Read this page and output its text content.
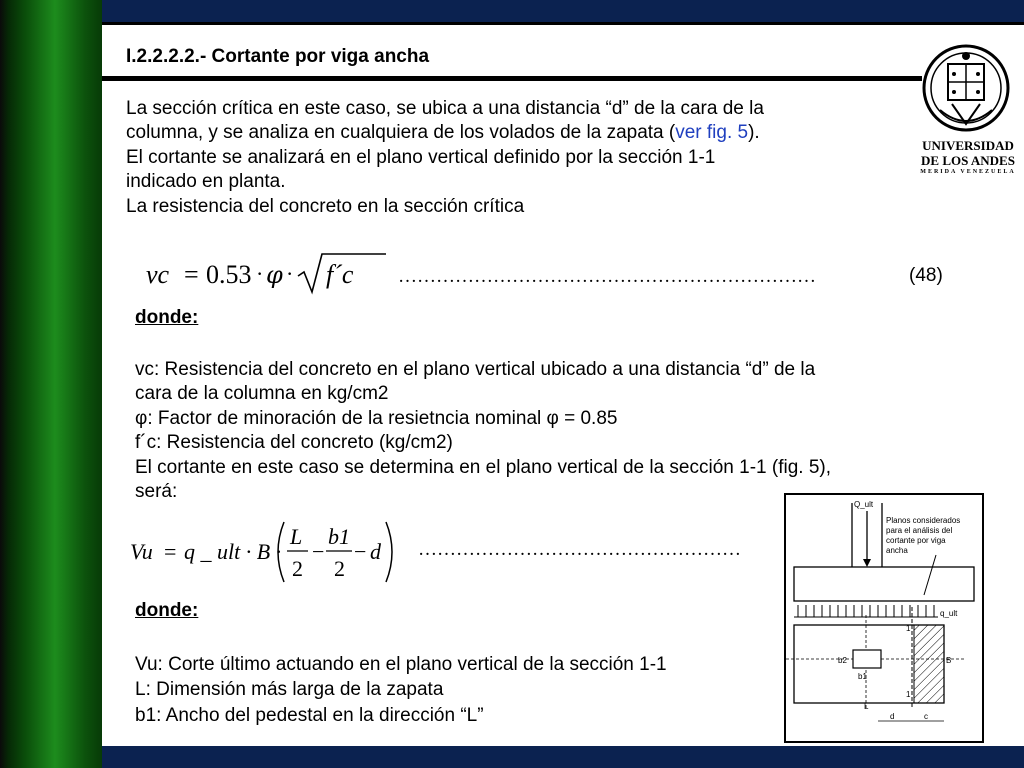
I.2.2.2.2.- Cortante por viga ancha
UNIVERSIDAD
DE LOS ANDES
MERIDA VENEZUELA
La sección crítica en este caso, se ubica a una distancia “d” de la cara de la
columna, y se analiza en cualquiera de los volados de la zapata (ver fig. 5).
El cortante se analizará en el plano vertical definido por la sección 1-1
indicado en planta.
La resistencia del concreto en la sección crítica
vc = 0.53 · φ · f´c …………………………………………………………	(48)
donde:
vc: Resistencia del concreto en el plano vertical ubicado a una distancia “d” de la
cara de la columna en kg/cm2
φ: Factor de minoración de la resietncia nominal φ = 0.85
f´c: Resistencia del concreto (kg/cm2)
El cortante en este caso se determina en el plano vertical de la sección 1-1 (fig. 5),
será:
Vu = q _ ult · B ·
L
2
−
b1
2
− d ……………………………………………
donde:
Vu: Corte último actuando en el plano vertical de la sección 1-1
L: Dimensión más larga de la zapata
b1: Ancho del pedestal en la dirección “L”
Q_ult
Planos considerados para el análisis del cortante por viga ancha
q_ult
1
1
b2
b1
B
L
d	c
